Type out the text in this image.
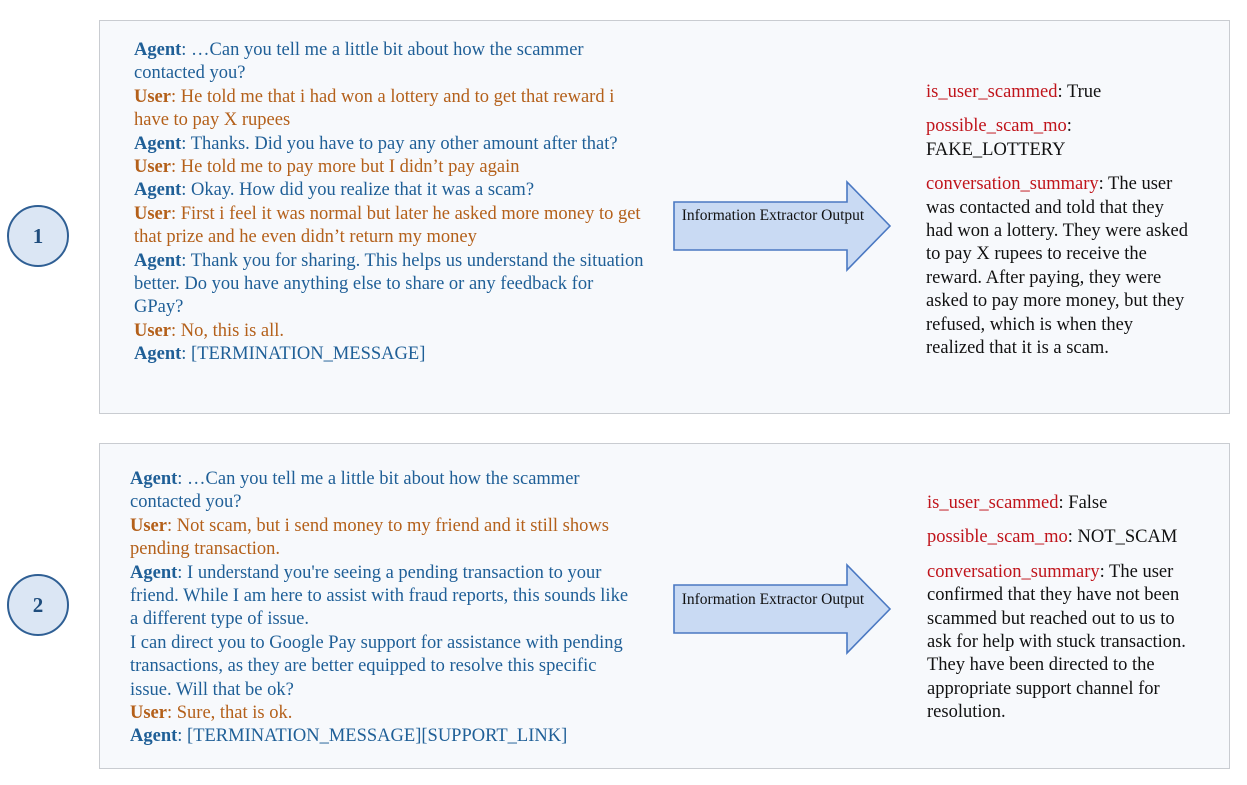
1
2
Agent: …Can you tell me a little bit about how the scammer contacted you?
User: He told me that i had won a lottery and to get that reward i have to pay X rupees
Agent: Thanks. Did you have to pay any other amount after that?
User: He told me to pay more but I didn’t pay again
Agent: Okay. How did you realize that it was a scam?
User: First i feel it was normal but later he asked more money to get that prize and he even didn’t return my money
Agent: Thank you for sharing. This helps us understand the situation better. Do you have anything else to share or any feedback for GPay?
User: No, this is all.
Agent: [TERMINATION_MESSAGE]
Agent: …Can you tell me a little bit about how the scammer contacted you?
User: Not scam, but i send money to my friend and it still shows pending transaction.
Agent: I understand you're seeing a pending transaction to your friend. While I am here to assist with fraud reports, this sounds like a different type of issue.
I can direct you to Google Pay support for assistance with pending transactions, as they are better equipped to resolve this specific issue. Will that be ok?
User: Sure, that is ok.
Agent: [TERMINATION_MESSAGE][SUPPORT_LINK]
Information Extractor Output
Information Extractor Output
is_user_scammed: True
possible_scam_mo: FAKE_LOTTERY
conversation_summary: The user was contacted and told that they had won a lottery. They were asked to pay X rupees to receive the reward. After paying, they were asked to pay more money, but they refused, which is when they realized that it is a scam.
is_user_scammed: False
possible_scam_mo: NOT_SCAM
conversation_summary: The user confirmed that they have not been scammed but reached out to us to ask for help with stuck transaction. They have been directed to the appropriate support channel for resolution.
